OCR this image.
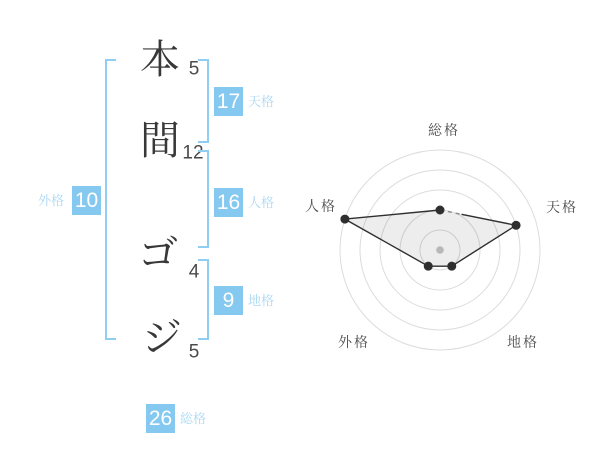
本
間
ゴ
ジ
5
12
4
5
17 天格
16 人格
9	地格
外格 10
26 総格
総格
天格
地格
外格
人格
